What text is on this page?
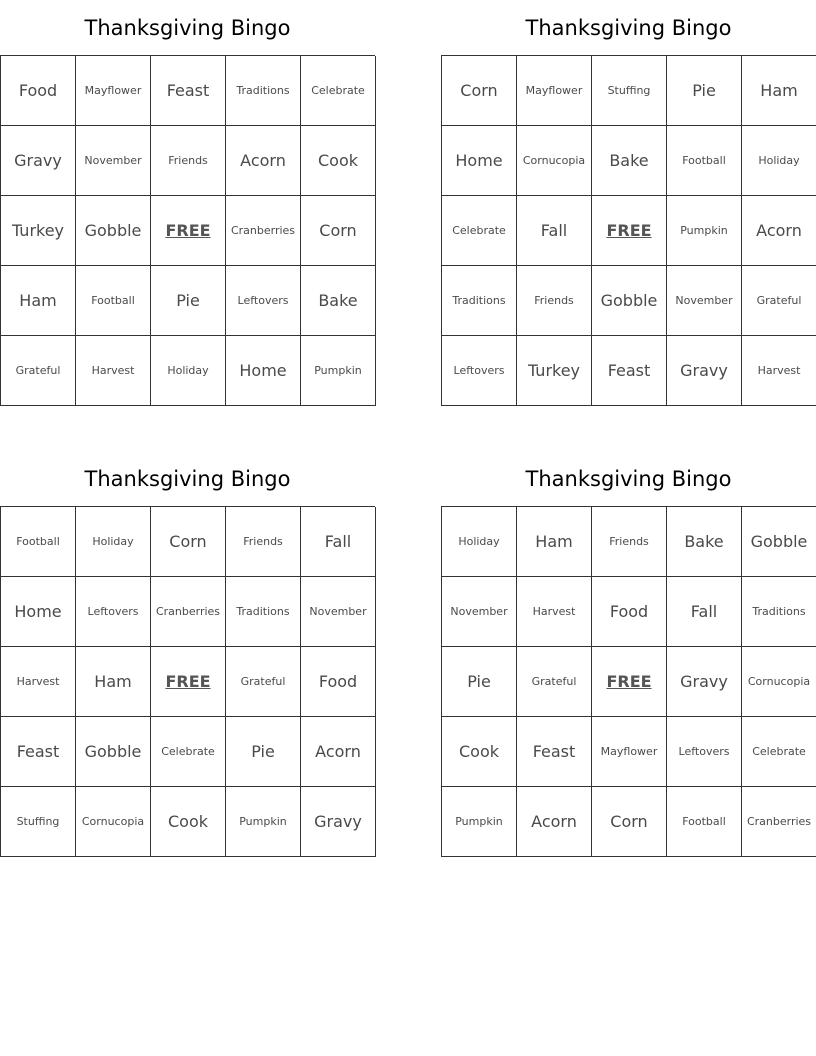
Thanksgiving Bingo
Food	Mayflower	Feast	Traditions	Celebrate
Gravy	November	Friends	Acorn	Cook
Turkey	Gobble	FREE	Cranberries	Corn
Ham	Football	Pie	Leftovers	Bake
Grateful	Harvest	Holiday	Home	Pumpkin
Thanksgiving Bingo
Corn	Mayflower	Stuffing	Pie	Ham
Home	Cornucopia	Bake	Football	Holiday
Celebrate	Fall	FREE	Pumpkin	Acorn
Traditions	Friends	Gobble	November	Grateful
Leftovers	Turkey	Feast	Gravy	Harvest
Thanksgiving Bingo
Football	Holiday	Corn	Friends	Fall
Home	Leftovers	Cranberries	Traditions	November
Harvest	Ham	FREE	Grateful	Food
Feast	Gobble	Celebrate	Pie	Acorn
Stuffing	Cornucopia	Cook	Pumpkin	Gravy
Thanksgiving Bingo
Holiday	Ham	Friends	Bake	Gobble
November	Harvest	Food	Fall	Traditions
Pie	Grateful	FREE	Gravy	Cornucopia
Cook	Feast	Mayflower	Leftovers	Celebrate
Pumpkin	Acorn	Corn	Football	Cranberries
